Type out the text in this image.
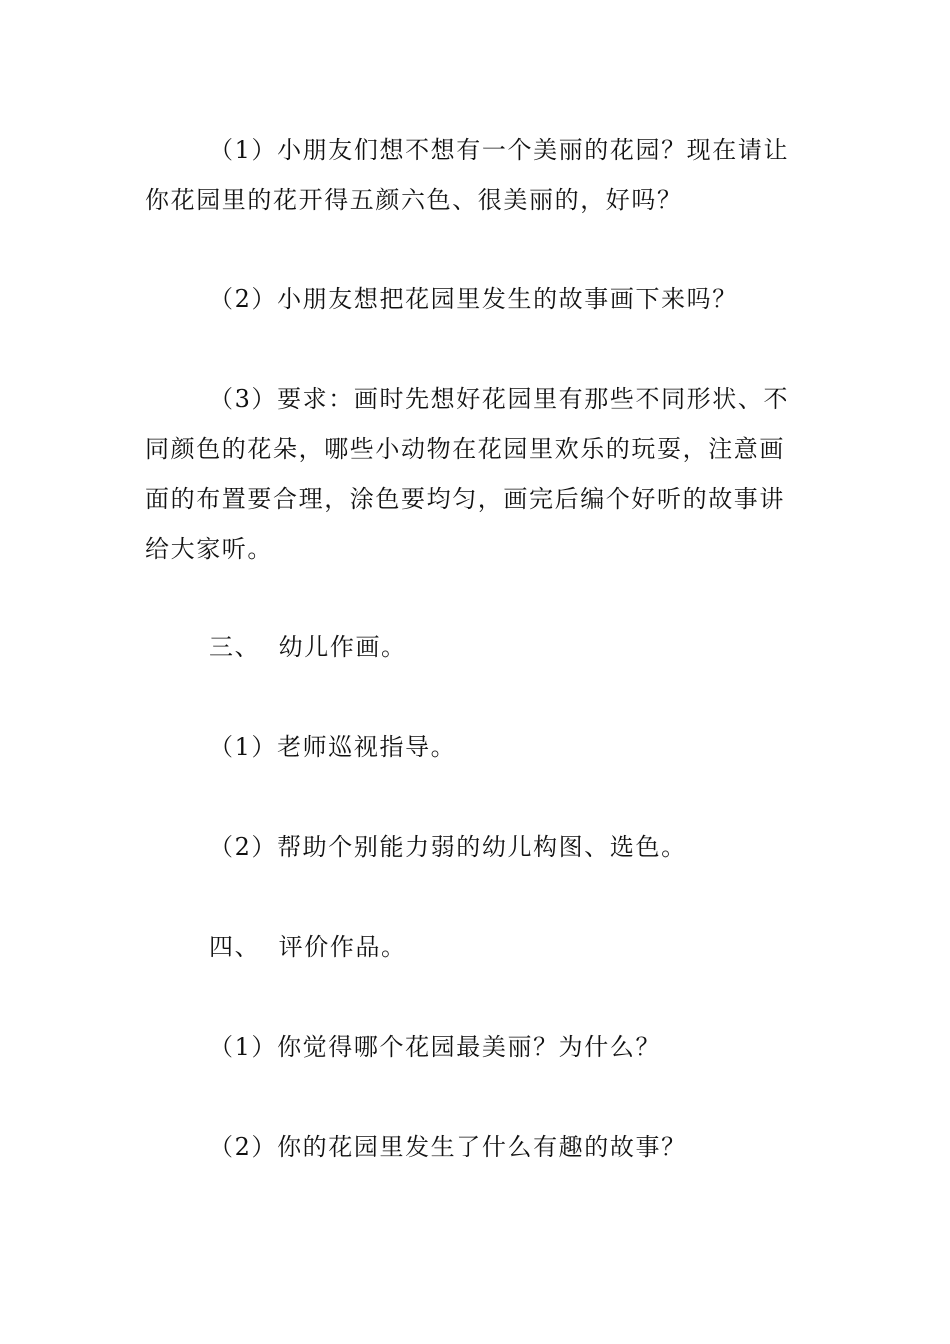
（1）小朋友们想不想有一个美丽的花园？现在请让
你花园里的花开得五颜六色、很美丽的，好吗？

（2）小朋友想把花园里发生的故事画下来吗？

（3）要求：画时先想好花园里有那些不同形状、不
同颜色的花朵，哪些小动物在花园里欢乐的玩耍，注意画
面的布置要合理，涂色要均匀，画完后编个好听的故事讲
给大家听。

三、  幼儿作画。

（1）老师巡视指导。

（2）帮助个别能力弱的幼儿构图、选色。

四、  评价作品。

（1）你觉得哪个花园最美丽？为什么？

（2）你的花园里发生了什么有趣的故事？
